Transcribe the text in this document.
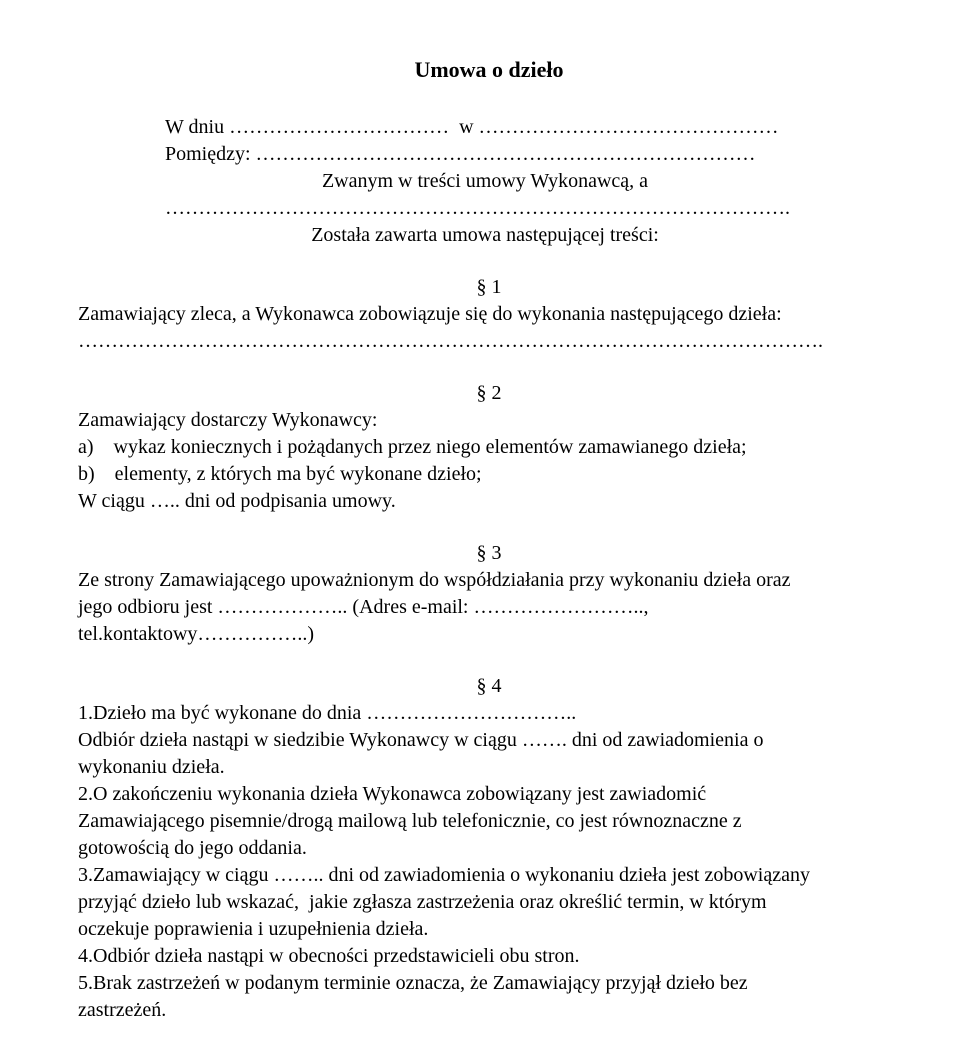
Umowa o dzieło
W dniu ……………………………  w ………………………………………
Pomiędzy: …………………………………………………………………
Zwanym w treści umowy Wykonawcą, a
………………………………………………………………………………….
Została zawarta umowa następującej treści:
§ 1
Zamawiający zleca, a Wykonawca zobowiązuje się do wykonania następującego dzieła:
………………………………………………………………………………………………….
§ 2
Zamawiający dostarczy Wykonawcy:
a)    wykaz koniecznych i pożądanych przez niego elementów zamawianego dzieła;
b)    elementy, z których ma być wykonane dzieło;
W ciągu ….. dni od podpisania umowy.
§ 3
Ze strony Zamawiającego upoważnionym do współdziałania przy wykonaniu dzieła oraz
jego odbioru jest ……………….. (Adres e-mail: ……………………..,
tel.kontaktowy……………..)
§ 4
1.Dzieło ma być wykonane do dnia …………………………..
Odbiór dzieła nastąpi w siedzibie Wykonawcy w ciągu ……. dni od zawiadomienia o
wykonaniu dzieła.
2.O zakończeniu wykonania dzieła Wykonawca zobowiązany jest zawiadomić
Zamawiającego pisemnie/drogą mailową lub telefonicznie, co jest równoznaczne z
gotowością do jego oddania.
3.Zamawiający w ciągu …….. dni od zawiadomienia o wykonaniu dzieła jest zobowiązany
przyjąć dzieło lub wskazać,  jakie zgłasza zastrzeżenia oraz określić termin, w którym
oczekuje poprawienia i uzupełnienia dzieła.
4.Odbiór dzieła nastąpi w obecności przedstawicieli obu stron.
5.Brak zastrzeżeń w podanym terminie oznacza, że Zamawiający przyjął dzieło bez
zastrzeżeń.
